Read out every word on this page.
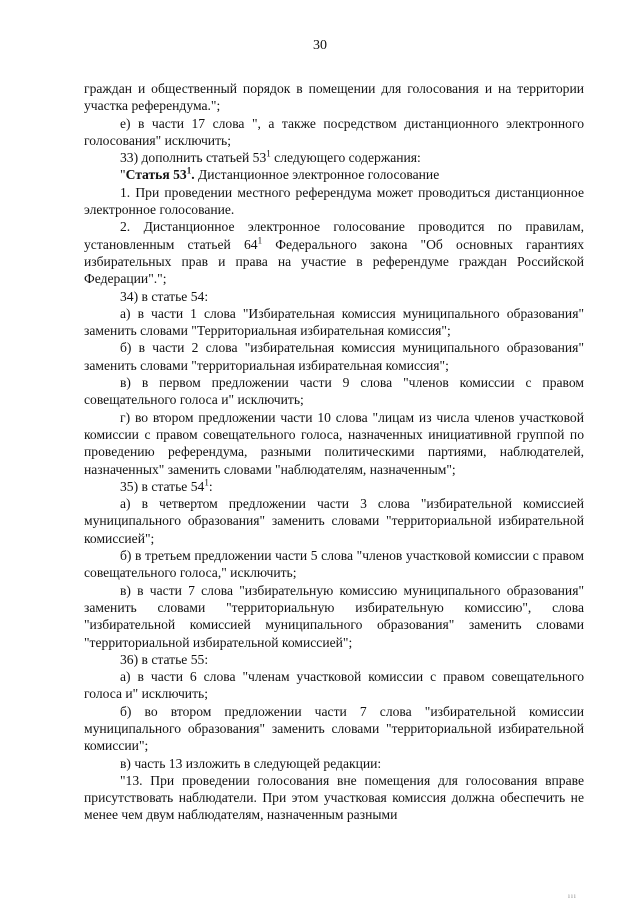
30

граждан и общественный порядок в помещении для голосования и на территории участка референдума.";

е) в части 17 слова ", а также посредством дистанционного электронного голосования" исключить;

33) дополнить статьей $53^1$ следующего содержания:

"Статья $53^1$. Дистанционное электронное голосование

1. При проведении местного референдума может проводиться дистанционное электронное голосование.

2. Дистанционное электронное голосование проводится по правилам, установленным статьей $64^1$ Федерального закона "Об основных гарантиях избирательных прав и права на участие в референдуме граждан Российской Федерации".";

34) в статье 54:

а) в части 1 слова "Избирательная комиссия муниципального образования" заменить словами "Территориальная избирательная комиссия";

б) в части 2 слова "избирательная комиссия муниципального образования" заменить словами "территориальная избирательная комиссия";

в) в первом предложении части 9 слова "членов комиссии с правом совещательного голоса и" исключить;

г) во втором предложении части 10 слова "лицам из числа членов участковой комиссии с правом совещательного голоса, назначенных инициативной группой по проведению референдума, разными политическими партиями, наблюдателей, назначенных" заменить словами "наблюдателям, назначенным";

35) в статье $54^1$:

а) в четвертом предложении части 3 слова "избирательной комиссией муниципального образования" заменить словами "территориальной избирательной комиссией";

б) в третьем предложении части 5 слова "членов участковой комиссии с правом совещательного голоса," исключить;

в) в части 7 слова "избирательную комиссию муниципального образования" заменить словами "территориальную избирательную комиссию", слова "избирательной комиссией муниципального образования" заменить словами "территориальной избирательной комиссией";

36) в статье 55:

а) в части 6 слова "членам участковой комиссии с правом совещательного голоса и" исключить;

б) во втором предложении части 7 слова "избирательной комиссии муниципального образования" заменить словами "территориальной избирательной комиссии";

в) часть 13 изложить в следующей редакции:

"13. При проведении голосования вне помещения для голосования вправе присутствовать наблюдатели. При этом участковая комиссия должна обеспечить не менее чем двум наблюдателям, назначенным разными

ııı
